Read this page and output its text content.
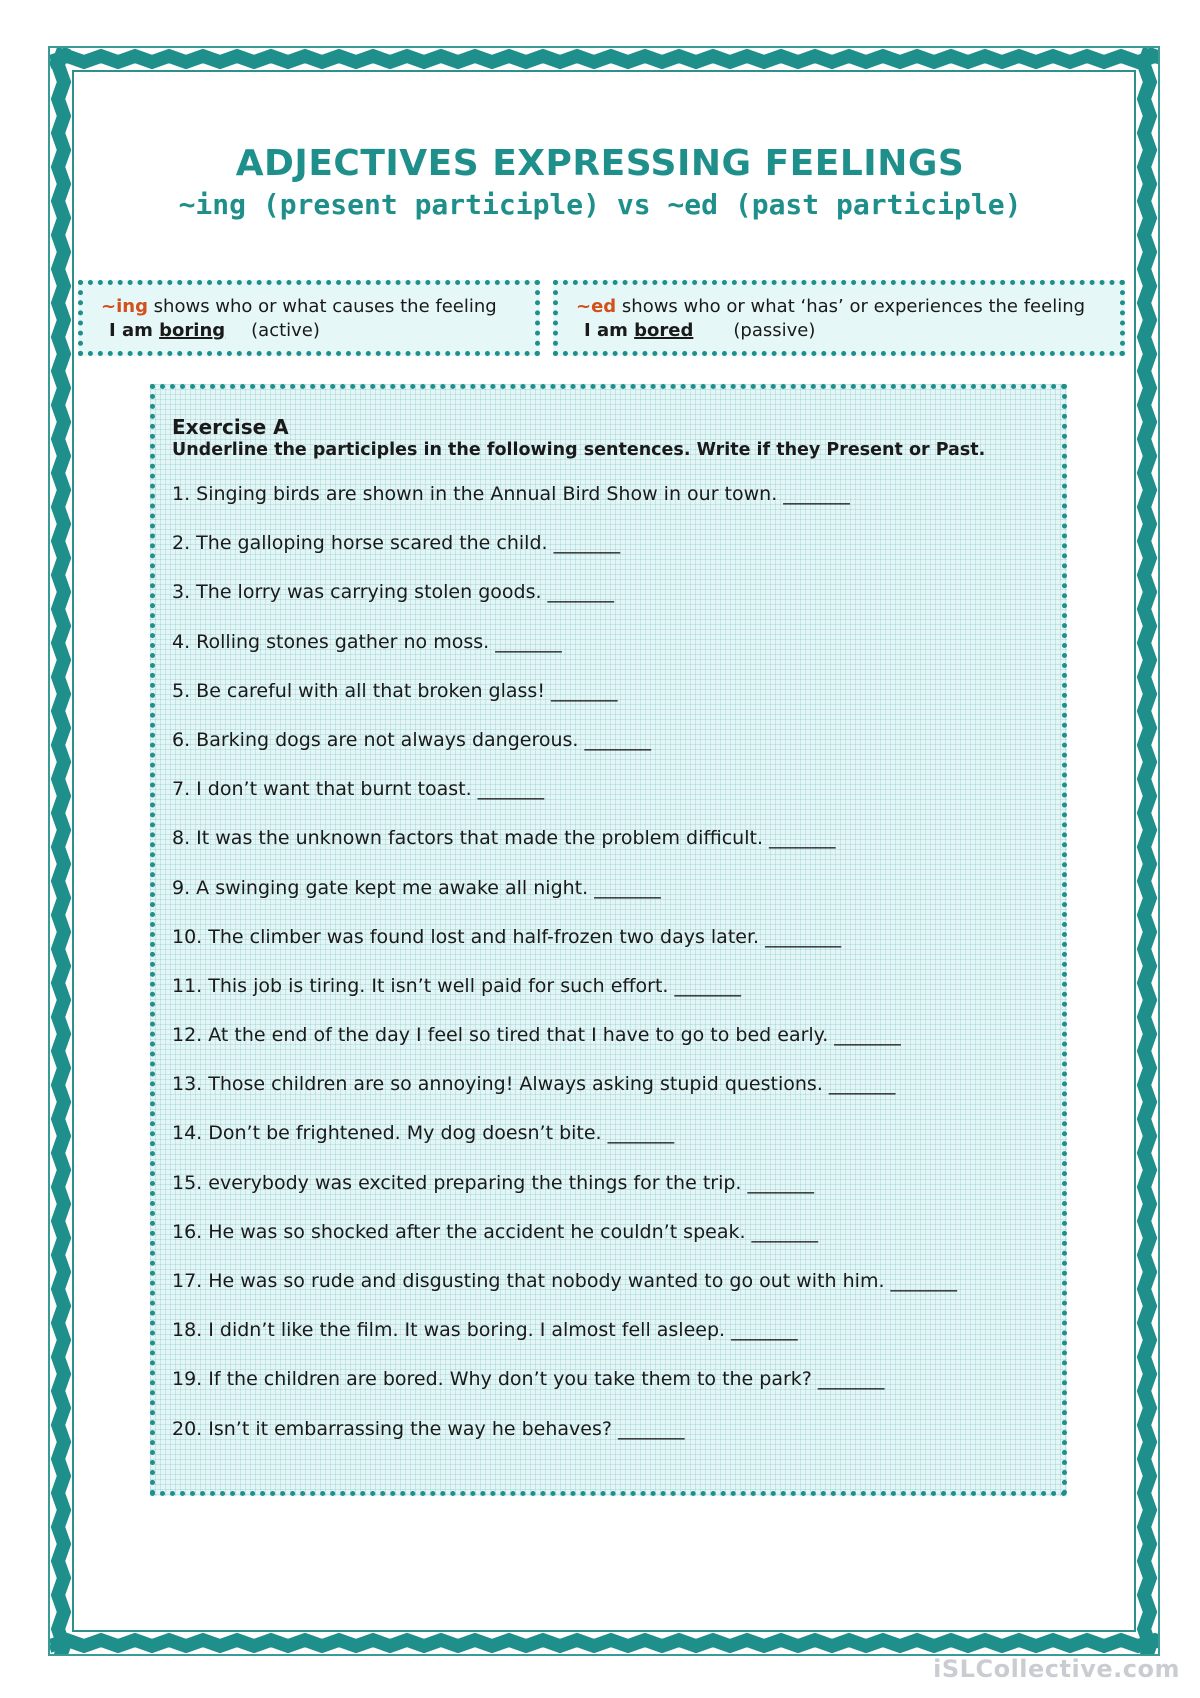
ADJECTIVES EXPRESSING FEELINGS
~ing (present participle) vs ~ed (past participle)
~ing shows who or what causes the feeling
I am boring (active)
~ed shows who or what ‘has’ or experiences the feeling
I am bored (passive)
Exercise A
Underline the participles in the following sentences. Write if they Present or Past.
1. Singing birds are shown in the Annual Bird Show in our town. _______
2. The galloping horse scared the child. _______
3. The lorry was carrying stolen goods. _______
4. Rolling stones gather no moss. _______
5. Be careful with all that broken glass! _______
6. Barking dogs are not always dangerous. _______
7. I don’t want that burnt toast. _______
8. It was the unknown factors that made the problem difficult. _______
9. A swinging gate kept me awake all night. _______
10. The climber was found lost and half-frozen two days later. ________
11. This job is tiring. It isn’t well paid for such effort. _______
12. At the end of the day I feel so tired that I have to go to bed early. _______
13. Those children are so annoying! Always asking stupid questions. _______
14. Don’t be frightened. My dog doesn’t bite. _______
15. everybody was excited preparing the things for the trip. _______
16. He was so shocked after the accident he couldn’t speak. _______
17. He was so rude and disgusting that nobody wanted to go out with him. _______
18. I didn’t like the film. It was boring. I almost fell asleep. _______
19. If the children are bored. Why don’t you take them to the park? _______
20. Isn’t it embarrassing the way he behaves? _______
iSLCollective.com
